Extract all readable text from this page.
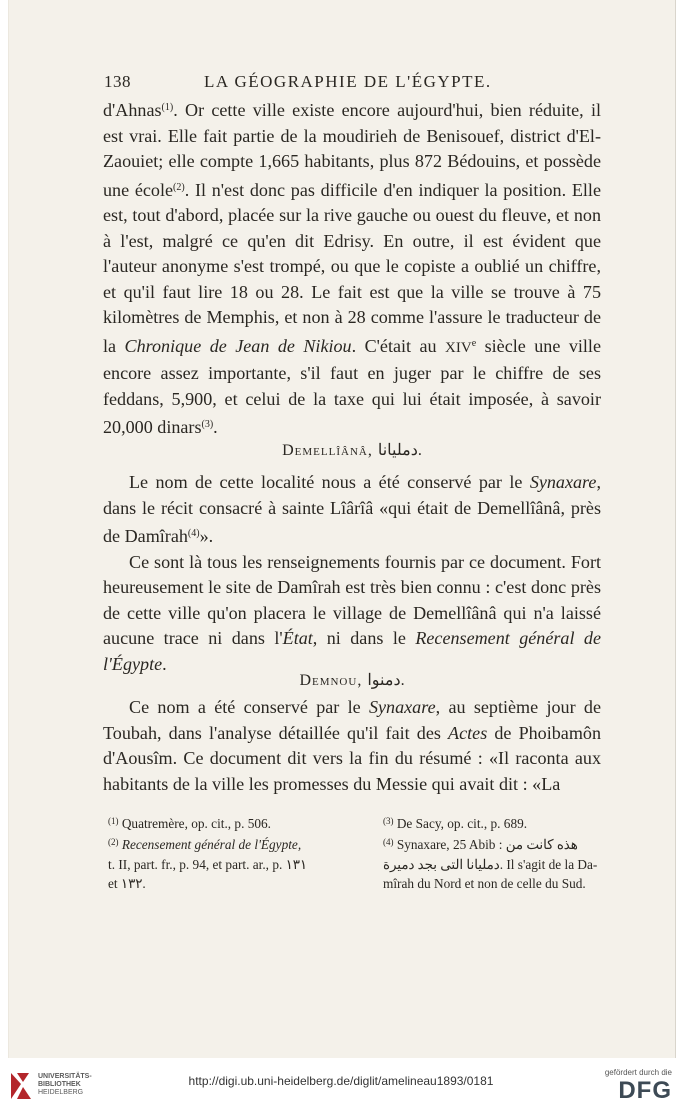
138	LA GÉOGRAPHIE DE L'ÉGYPTE.

d'Ahnas$^{(1)}$. Or cette ville existe encore aujourd'hui, bien réduite, il est vrai. Elle fait partie de la moudirieh de Benisouef, district d'El-Zaouiet; elle compte 1,665 habitants, plus 872 Bédouins, et possède une école$^{(2)}$. Il n'est donc pas difficile d'en indiquer la position. Elle est, tout d'abord, placée sur la rive gauche ou ouest du fleuve, et non à l'est, malgré ce qu'en dit Edrisy. En outre, il est évident que l'auteur anonyme s'est trompé, ou que le copiste a oublié un chiffre, et qu'il faut lire 18 ou 28. Le fait est que la ville se trouve à 75 kilomètres de Memphis, et non à 28 comme l'assure le traducteur de la Chronique de Jean de Nikiou. C'était au XIVe siècle une ville encore assez importante, s'il faut en juger par le chiffre de ses feddans, 5,900, et celui de la taxe qui lui était imposée, à savoir 20,000 dinars$^{(3)}$.

Demellîânâ, دمليانا.

Le nom de cette localité nous a été conservé par le Synaxare, dans le récit consacré à sainte Lîârîâ «qui était de Demellîânâ, près de Damîrah$^{(4)}$».

Ce sont là tous les renseignements fournis par ce document. Fort heureusement le site de Damîrah est très bien connu : c'est donc près de cette ville qu'on placera le village de Demellîânâ qui n'a laissé aucune trace ni dans l'État, ni dans le Recensement général de l'Égypte.

Demnou, دمنوا.

Ce nom a été conservé par le Synaxare, au septième jour de Toubah, dans l'analyse détaillée qu'il fait des Actes de Phoibamôn d'Aousîm. Ce document dit vers la fin du résumé : «Il raconta aux habitants de la ville les promesses du Messie qui avait dit : «La

$^{(1)}$ Quatremère, op. cit., p. 506.
$^{(2)}$ Recensement général de l'Égypte,
t. II, part. fr., p. 94, et part. ar., p. ١٣١
et ١٣٢.
$^{(3)}$ De Sacy, op. cit., p. 689.
$^{(4)}$ Synaxare, 25 Abib : هذه كانت من
دمليانا التى بجد دميرة. Il s'agit de la Da-
mîrah du Nord et non de celle du Sud.
UNIVERSITÄTS-
BIBLIOTHEK
HEIDELBERG
http://digi.ub.uni-heidelberg.de/diglit/amelineau1893/0181
gefördert durch die
DFG
